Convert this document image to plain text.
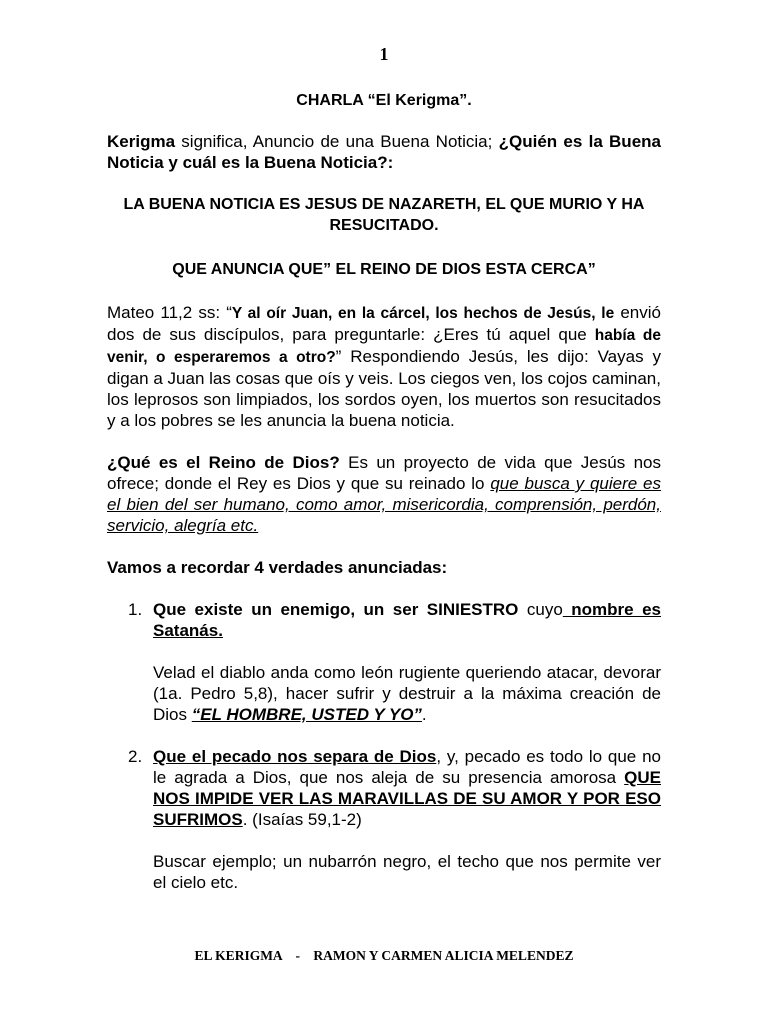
1

CHARLA “El Kerigma”.

Kerigma significa, Anuncio de una Buena Noticia; ¿Quién es la Buena Noticia y cuál es la Buena Noticia?:

LA BUENA NOTICIA ES JESUS DE NAZARETH, EL QUE MURIO Y HA RESUCITADO.

QUE ANUNCIA QUE” EL REINO DE DIOS ESTA CERCA”

Mateo 11,2 ss: “Y al oír Juan, en la cárcel, los hechos de Jesús, le envió dos de sus discípulos, para preguntarle: ¿Eres tú aquel que había de venir, o esperaremos a otro?” Respondiendo Jesús, les dijo: Vayas y digan a Juan las cosas que oís y veis. Los ciegos ven, los cojos caminan, los leprosos son limpiados, los sordos oyen, los muertos son resucitados y a los pobres se les anuncia la buena noticia.

¿Qué es el Reino de Dios? Es un proyecto de vida que Jesús nos ofrece; donde el Rey es Dios y que su reinado lo que busca y quiere es el bien del ser humano, como amor, misericordia, comprensión, perdón, servicio, alegría etc.

Vamos a recordar 4 verdades anunciadas:

1. Que existe un enemigo, un ser SINIESTRO cuyo nombre es Satanás.

Velad el diablo anda como león rugiente queriendo atacar, devorar (1a. Pedro 5,8), hacer sufrir y destruir a la máxima creación de Dios “EL HOMBRE, USTED Y YO”.

2. Que el pecado nos separa de Dios, y, pecado es todo lo que no le agrada a Dios, que nos aleja de su presencia amorosa QUE NOS IMPIDE VER LAS MARAVILLAS DE SU AMOR Y POR ESO SUFRIMOS. (Isaías 59,1-2)

Buscar ejemplo; un nubarrón negro, el techo que nos permite ver el cielo etc.

EL KERIGMA    -    RAMON Y CARMEN ALICIA MELENDEZ
